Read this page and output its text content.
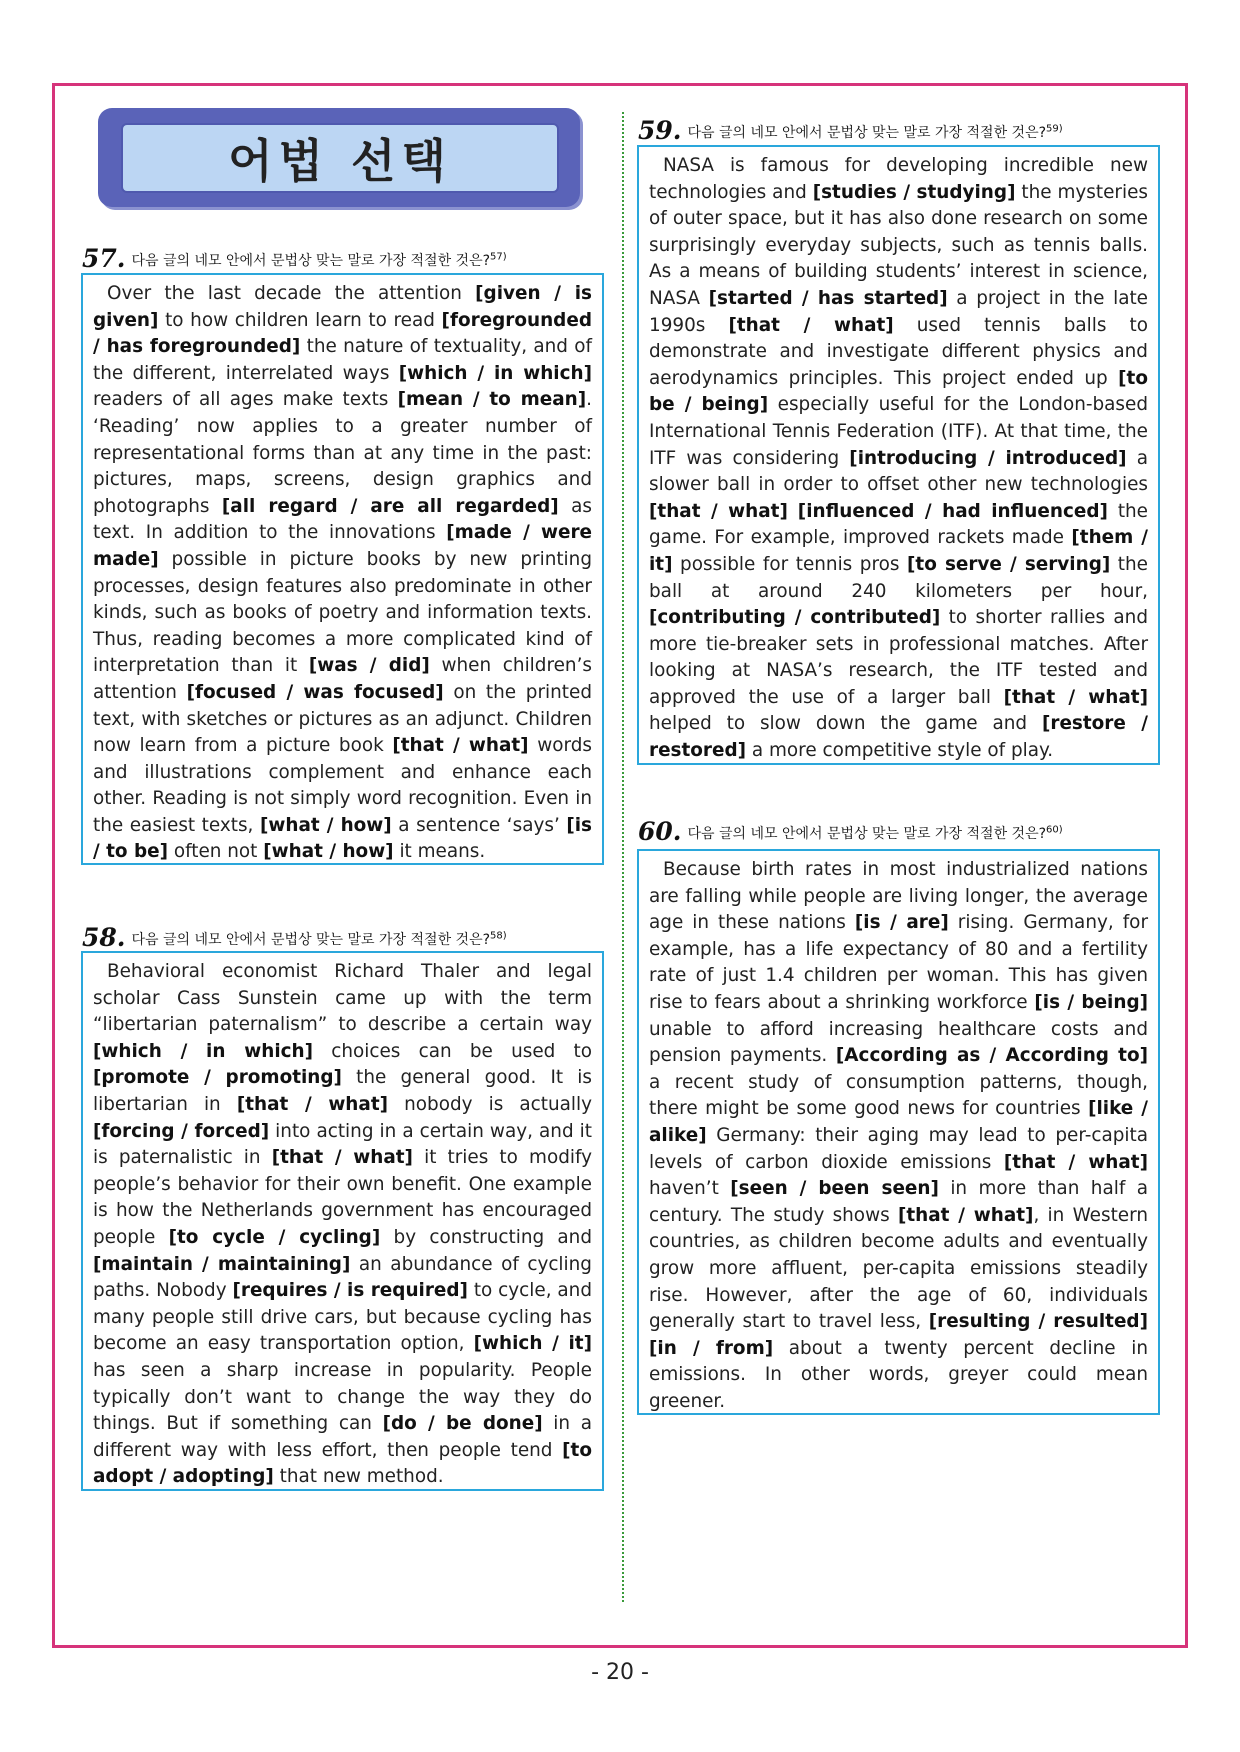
어법 선택
57. 다음 글의 네모 안에서 문법상 맞는 말로 가장 적절한 것은?$^{57)}$
Over the last decade the attention [given / is given] to how children learn to read [foregrounded / has foregrounded] the nature of textuality, and of the different, interrelated ways [which / in which] readers of all ages make texts [mean / to mean]. ‘Reading’ now applies to a greater number of representational forms than at any time in the past: pictures, maps, screens, design graphics and photographs [all regard / are all regarded] as text. In addition to the innovations [made / were made] possible in picture books by new printing processes, design features also predominate in other kinds, such as books of poetry and information texts. Thus, reading becomes a more complicated kind of interpretation than it [was / did] when children’s attention [focused / was focused] on the printed text, with sketches or pictures as an adjunct. Children now learn from a picture book [that / what] words and illustrations complement and enhance each other. Reading is not simply word recognition. Even in the easiest texts, [what / how] a sentence ‘says’ [is / to be] often not [what / how] it means.
58. 다음 글의 네모 안에서 문법상 맞는 말로 가장 적절한 것은?$^{58)}$
Behavioral economist Richard Thaler and legal scholar Cass Sunstein came up with the term “libertarian paternalism” to describe a certain way [which / in which] choices can be used to [promote / promoting] the general good. It is libertarian in [that / what] nobody is actually [forcing / forced] into acting in a certain way, and it is paternalistic in [that / what] it tries to modify people’s behavior for their own benefit. One example is how the Netherlands government has encouraged people [to cycle / cycling] by constructing and [maintain / maintaining] an abundance of cycling paths. Nobody [requires / is required] to cycle, and many people still drive cars, but because cycling has become an easy transportation option, [which / it] has seen a sharp increase in popularity. People typically don’t want to change the way they do things. But if something can [do / be done] in a different way with less effort, then people tend [to adopt / adopting] that new method.
59. 다음 글의 네모 안에서 문법상 맞는 말로 가장 적절한 것은?$^{59)}$
NASA is famous for developing incredible new technologies and [studies / studying] the mysteries of outer space, but it has also done research on some surprisingly everyday subjects, such as tennis balls. As a means of building students’ interest in science, NASA [started / has started] a project in the late 1990s [that / what] used tennis balls to demonstrate and investigate different physics and aerodynamics principles. This project ended up [to be / being] especially useful for the London-based International Tennis Federation (ITF). At that time, the ITF was considering [introducing / introduced] a slower ball in order to offset other new technologies [that / what] [influenced / had influenced] the game. For example, improved rackets made [them / it] possible for tennis pros [to serve / serving] the ball at around 240 kilometers per hour, [contributing / contributed] to shorter rallies and more tie-breaker sets in professional matches. After looking at NASA’s research, the ITF tested and approved the use of a larger ball [that / what] helped to slow down the game and [restore / restored] a more competitive style of play.
60. 다음 글의 네모 안에서 문법상 맞는 말로 가장 적절한 것은?$^{60)}$
Because birth rates in most industrialized nations are falling while people are living longer, the average age in these nations [is / are] rising. Germany, for example, has a life expectancy of 80 and a fertility rate of just 1.4 children per woman. This has given rise to fears about a shrinking workforce [is / being] unable to afford increasing healthcare costs and pension payments. [According as / According to] a recent study of consumption patterns, though, there might be some good news for countries [like / alike] Germany: their aging may lead to per-capita levels of carbon dioxide emissions [that / what] haven’t [seen / been seen] in more than half a century. The study shows [that / what], in Western countries, as children become adults and eventually grow more affluent, per-capita emissions steadily rise. However, after the age of 60, individuals generally start to travel less, [resulting / resulted] [in / from] about a twenty percent decline in emissions. In other words, greyer could mean greener.
- 20 -
